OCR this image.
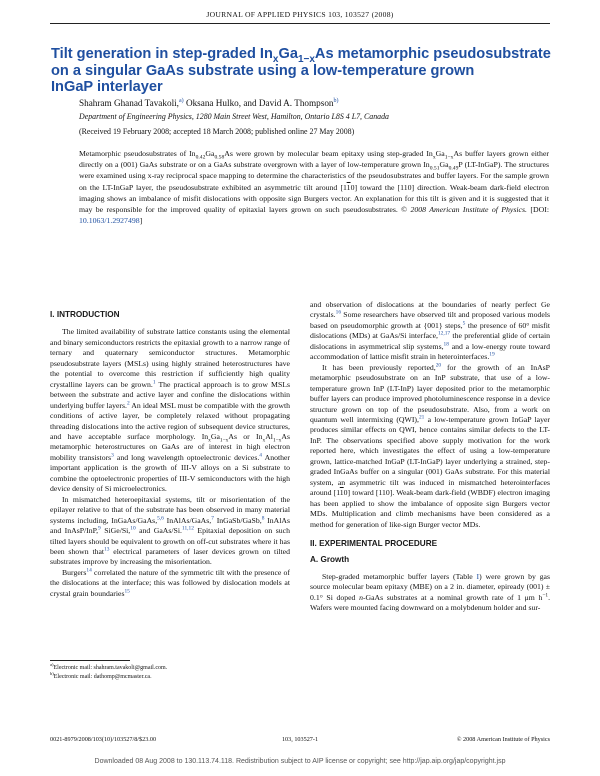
JOURNAL OF APPLIED PHYSICS 103, 103527 (2008)
Tilt generation in step-graded $In_xGa_{1-x}As$ metamorphic pseudosubstrate
on a singular GaAs substrate using a low-temperature grown
InGaP interlayer
Shahram Ghanad Tavakoli,$^{a)}$ Oksana Hulko, and David A. Thompson$^{b)}$
Department of Engineering Physics, 1280 Main Street West, Hamilton, Ontario L8S 4 L7, Canada
(Received 19 February 2008; accepted 18 March 2008; published online 27 May 2008)
Metamorphic pseudosubstrates of $In_{0.42}Ga_{0.58}As$ were grown by molecular beam epitaxy using step-graded $In_xGa_{1-x}As$ buffer layers grown either directly on a (001) GaAs substrate or on a GaAs substrate overgrown with a layer of low-temperature grown $In_{0.51}Ga_{0.49}P$ (LT-InGaP). The structures were examined using x-ray reciprocal space mapping to determine the characteristics of the pseudosubstrates and buffer layers. For the sample grown on the LT-InGaP layer, the pseudosubstrate exhibited an asymmetric tilt around [110] toward the [110] direction. Weak-beam dark-field electron imaging shows an imbalance of misfit dislocations with opposite sign Burgers vector. An explanation for this tilt is given and it is suggested that it may be responsible for the improved quality of epitaxial layers grown on such pseudosubstrates. © 2008 American Institute of Physics. [DOI: 10.1063/1.2927498]
I. INTRODUCTION

The limited availability of substrate lattice constants using the elemental and binary semiconductors restricts the epitaxial growth to a narrow range of ternary and quaternary semiconductor structures. Metamorphic pseudosubstrate layers (MSLs) using highly strained heterostructures have the potential to overcome this restriction if sufficiently high quality crystalline layers can be grown.$^1$ The practical approach is to grow MSLs between the substrate and active layer and confine the dislocations within underlying buffer layers.$^2$ An ideal MSL must be compatible with the growth conditions of active layer, be completely relaxed without propagating threading dislocations into the active region of subsequent device structures, and have acceptable surface morphology. $In_xGa_{1-x}As$ or $In_xAl_{1-x}As$ metamorphic heterostructures on GaAs are of interest in high electron mobility transistors$^3$ and long wavelength optoelectronic devices.$^4$ Another important application is the growth of III-V alloys on a Si substrate to combine the optoelectronic properties of III-V semiconductors with the high device density of Si microelectronics.

In mismatched heteroepitaxial systems, tilt or misorientation of the epilayer relative to that of the substrate has been observed in many material systems including, InGaAs/GaAs,$^{5,6}$ InAlAs/GaAs,$^7$ InGaSb/GaSb,$^8$ InAlAs and InAsP/InP,$^9$ SiGe/Si,$^{10}$ and GaAs/Si.$^{11,12}$ Epitaxial deposition on such tilted layers should be equivalent to growth on off-cut substrates where it has been shown that$^{13}$ electrical parameters of laser devices grown on tilted substrates improve by increasing the misorientation.

Burgers$^{14}$ correlated the nature of the symmetric tilt with the presence of the dislocations at the interface; this was followed by dislocation models at crystal grain boundaries$^{15}$

and observation of dislocations at the boundaries of nearly perfect Ge crystals.$^{16}$ Some researchers have observed tilt and proposed various models based on pseudomorphic growth at {001} steps,$^5$ the presence of 60° misfit dislocations (MDs) at GaAs/Si interface,$^{12,17}$ the preferential glide of certain dislocations in asymmetrical slip systems,$^{18}$ and a low-energy route toward accommodation of lattice misfit strain in heterointerfaces.$^{19}$

It has been previously reported,$^{20}$ for the growth of an InAsP metamorphic pseudosubstrate on an InP substrate, that use of a low-temperature grown InP (LT-InP) layer deposited prior to the metamorphic buffer layers can produce improved photoluminescence response in a device structure grown on top of the pseudosubstrate. Also, from a work on quantum well intermixing (QWI),$^{21}$ a low-temperature grown InGaP layer produces similar effects on QWI, hence contains similar defects to the LT-InP. The observations specified above supply motivation for the work reported here, which investigates the effect of using a low-temperature grown, lattice-matched InGaP (LT-InGaP) layer underlying a strained, step-graded InGaAs buffer on a singular (001) GaAs substrate. For this material system, an asymmetric tilt was induced in mismatched heterointerfaces around [110] toward [110]. Weak-beam dark-field (WBDF) electron imaging has been applied to show the imbalance of opposite sign Burgers vector MDs. Multiplication and climb mechanisms have been considered as a method for generation of like-sign Burger vector MDs.

II. EXPERIMENTAL PROCEDURE
A. Growth

Step-graded metamorphic buffer layers (Table I) were grown by gas source molecular beam epitaxy (MBE) on a 2 in. diameter, epiready (001) ± 0.1° Si doped n-GaAs substrates at a nominal growth rate of 1 μm $h^{-1}$. Wafers were mounted facing downward on a molybdenum holder and sur-

$^{a)}$Electronic mail: shahram.tavakoli@gmail.com.
$^{b)}$Electronic mail: dathomp@mcmaster.ca.
0021-8979/2008/103(10)/103527/8/$23.00	103, 103527-1	© 2008 American Institute of Physics
Downloaded 08 Aug 2008 to 130.113.74.118. Redistribution subject to AIP license or copyright; see http://jap.aip.org/jap/copyright.jsp
